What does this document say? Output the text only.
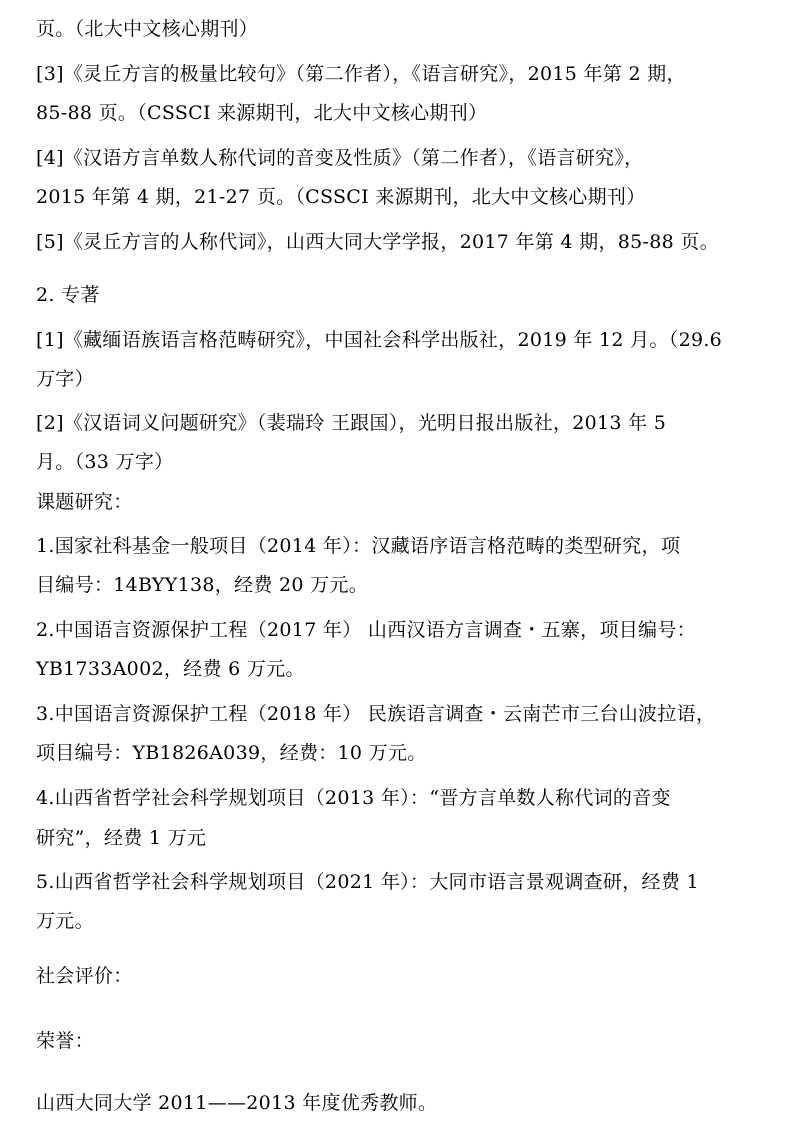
页。（北大中文核心期刊）
[3]《灵丘方言的极量比较句》（第二作者），《语言研究》，2015 年第 2 期，
85-88 页。（CSSCI 来源期刊，北大中文核心期刊）
[4]《汉语方言单数人称代词的音变及性质》（第二作者），《语言研究》，
2015 年第 4 期，21-27 页。（CSSCI 来源期刊，北大中文核心期刊）
[5]《灵丘方言的人称代词》，山西大同大学学报，2017 年第 4 期，85-88 页。
2. 专著
[1]《藏缅语族语言格范畴研究》，中国社会科学出版社，2019 年 12 月。（29.6
万字）
[2]《汉语词义问题研究》（裴瑞玲 王跟国），光明日报出版社，2013 年 5
月。（33 万字）
课题研究：
1.国家社科基金一般项目（2014 年）：汉藏语序语言格范畴的类型研究，项
目编号：14BYY138，经费 20 万元。
2.中国语言资源保护工程（2017 年） 山西汉语方言调查・五寨，项目编号：
YB1733A002，经费 6 万元。
3.中国语言资源保护工程（2018 年） 民族语言调查・云南芒市三台山波拉语，
项目编号：YB1826A039，经费：10 万元。
4.山西省哲学社会科学规划项目（2013 年）：“晋方言单数人称代词的音变
研究”，经费 1 万元
5.山西省哲学社会科学规划项目（2021 年）：大同市语言景观调查研，经费 1
万元。
社会评价：
荣誉：
山西大同大学 2011——2013 年度优秀教师。
